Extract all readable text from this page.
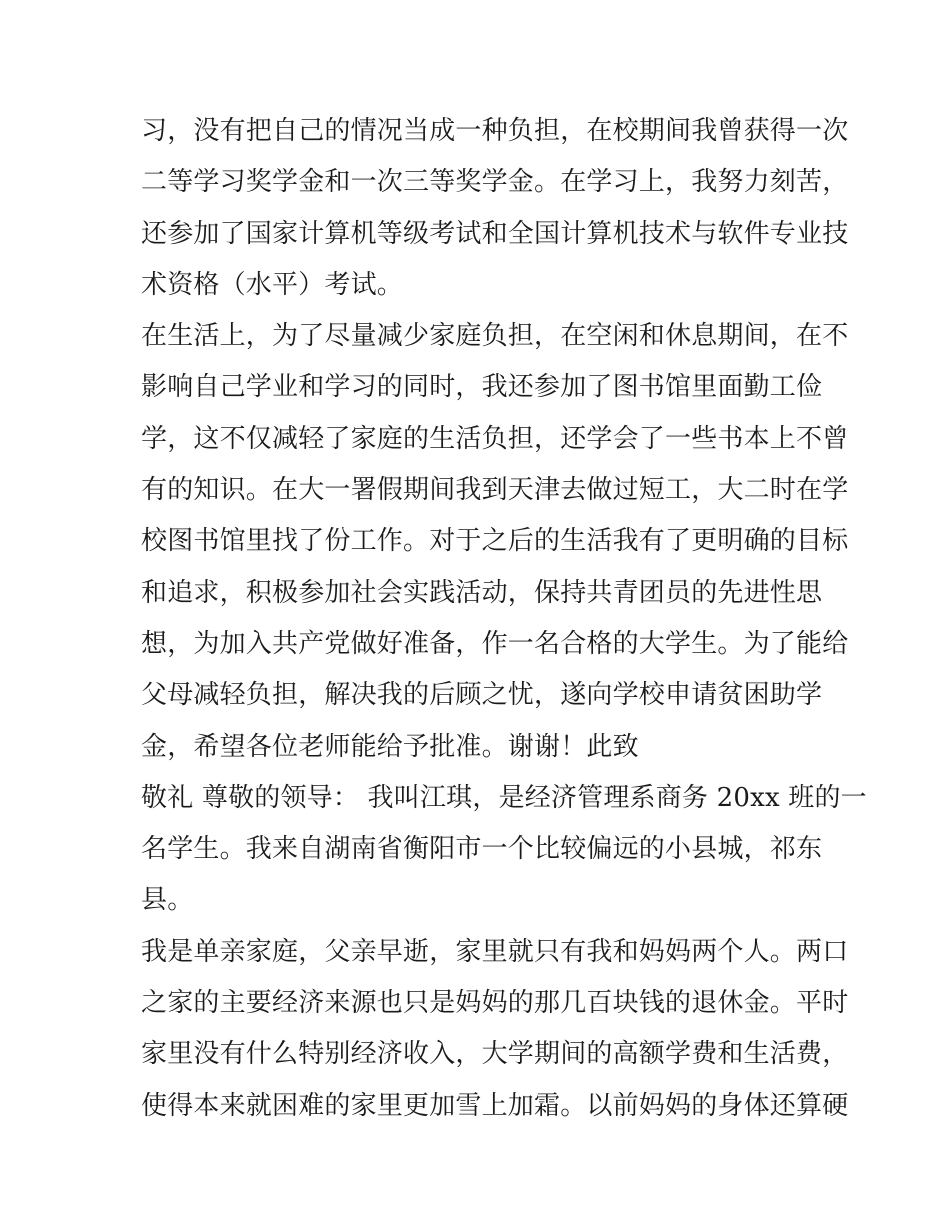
习，没有把自己的情况当成一种负担，在校期间我曾获得一次
二等学习奖学金和一次三等奖学金。在学习上，我努力刻苦，
还参加了国家计算机等级考试和全国计算机技术与软件专业技
术资格（水平）考试。
在生活上，为了尽量减少家庭负担，在空闲和休息期间，在不
影响自己学业和学习的同时，我还参加了图书馆里面勤工俭
学，这不仅减轻了家庭的生活负担，还学会了一些书本上不曾
有的知识。在大一署假期间我到天津去做过短工，大二时在学
校图书馆里找了份工作。对于之后的生活我有了更明确的目标
和追求，积极参加社会实践活动，保持共青团员的先进性思
想，为加入共产党做好准备，作一名合格的大学生。为了能给
父母减轻负担，解决我的后顾之忧，遂向学校申请贫困助学
金，希望各位老师能给予批准。谢谢！此致
敬礼 尊敬的领导： 我叫江琪，是经济管理系商务 20xx 班的一
名学生。我来自湖南省衡阳市一个比较偏远的小县城，祁东
县。
我是单亲家庭，父亲早逝，家里就只有我和妈妈两个人。两口
之家的主要经济来源也只是妈妈的那几百块钱的退休金。平时
家里没有什么特别经济收入，大学期间的高额学费和生活费，
使得本来就困难的家里更加雪上加霜。以前妈妈的身体还算硬
